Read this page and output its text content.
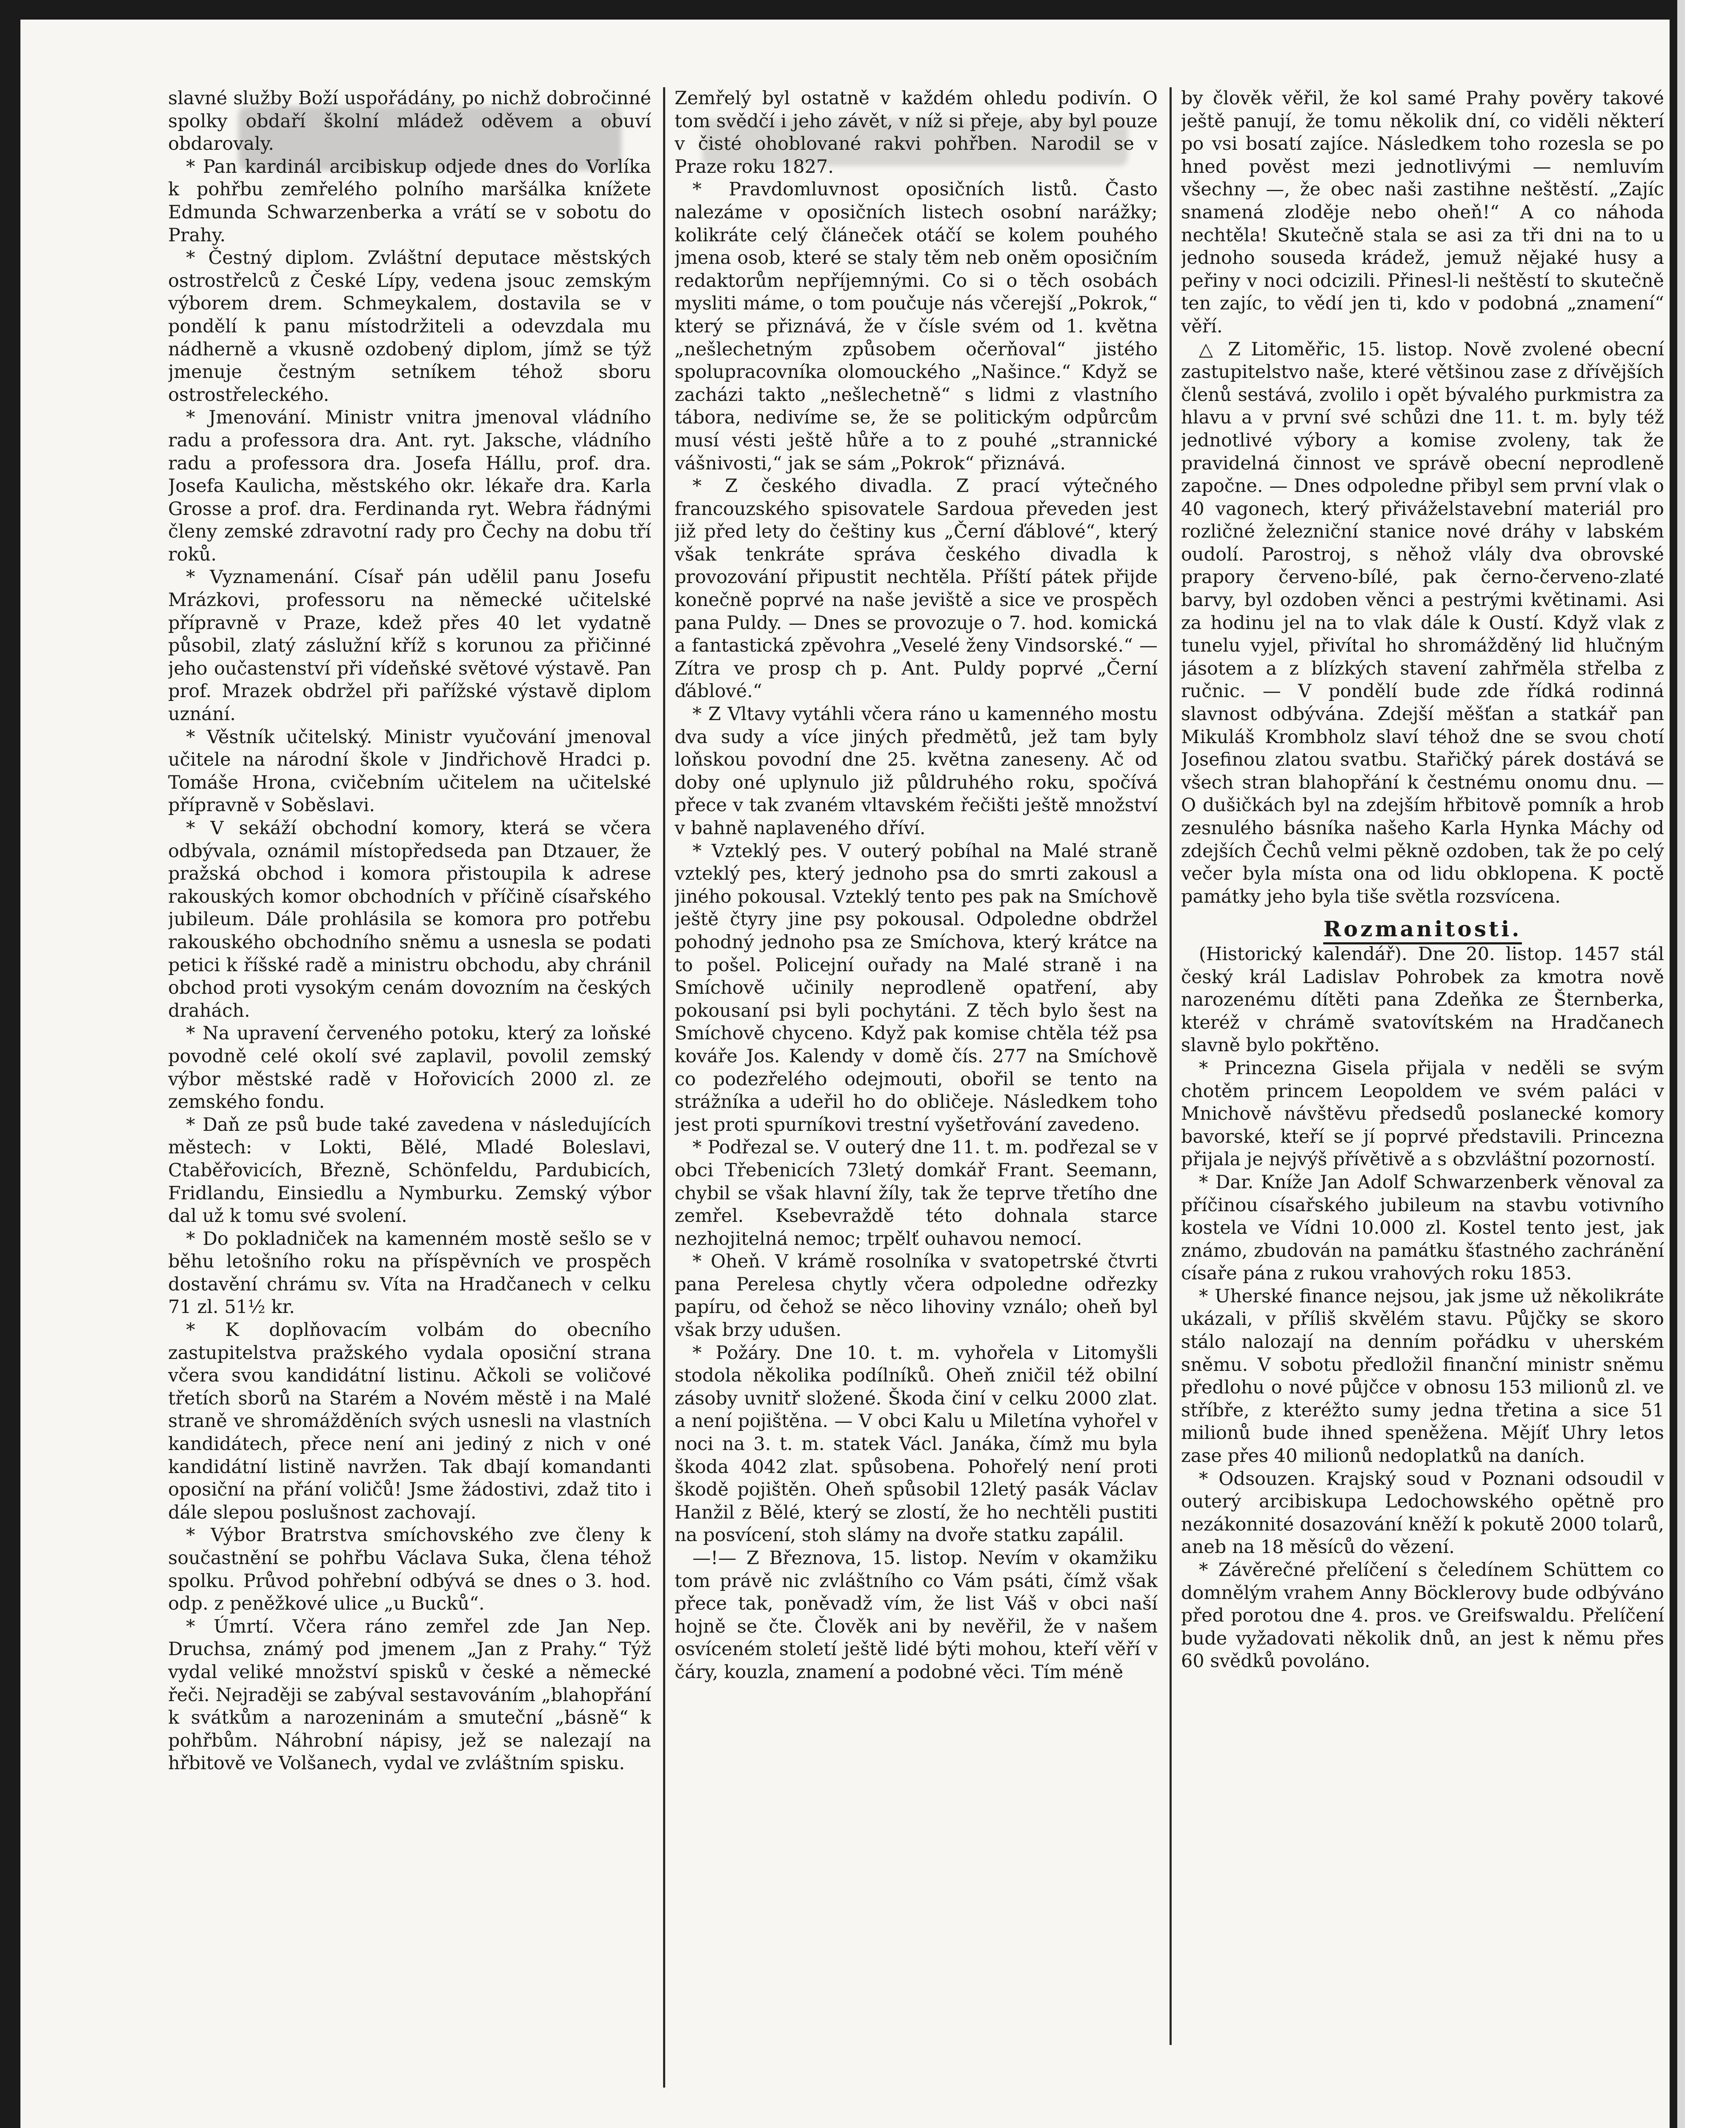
slavné služby Boží uspořádány, po nichž dobročinné spolky obdaří školní mládež oděvem a obuví obdarovaly.

* Pan kardinál arcibiskup odjede dnes do Vorlíka k pohřbu zemřelého polního maršálka knížete Edmunda Schwarzenberka a vrátí se v sobotu do Prahy.

* Čestný diplom. Zvláštní deputace městských ostrostřelců z České Lípy, vedena jsouc zemským výborem drem. Schmeykalem, dostavila se v pondělí k panu místodržiteli a odevzdala mu nádherně a vkusně ozdobený diplom, jímž se týž jmenuje čestným setníkem téhož sboru ostrostřeleckého.

* Jmenování. Ministr vnitra jmenoval vládního radu a professora dra. Ant. ryt. Jaksche, vládního radu a professora dra. Josefa Hállu, prof. dra. Josefa Kaulicha, městského okr. lékaře dra. Karla Grosse a prof. dra. Ferdinanda ryt. Webra řádnými členy zemské zdravotní rady pro Čechy na dobu tří roků.

* Vyznamenání. Císař pán udělil panu Josefu Mrázkovi, professoru na německé učitelské přípravně v Praze, kdež přes 40 let vydatně působil, zlatý záslužní kříž s korunou za přičinné jeho oučastenství při vídeňské světové výstavě. Pan prof. Mrazek obdržel při pařížské výstavě diplom uznání.

* Věstník učitelský. Ministr vyučování jmenoval učitele na národní škole v Jindřichově Hradci p. Tomáše Hrona, cvičebním učitelem na učitelské přípravně v Soběslavi.

* V sekáží obchodní komory, která se včera odbývala, oznámil místopředseda pan Dtzauer, že pražská obchod i komora přistoupila k adrese rakouských komor obchodních v příčině císařského jubileum. Dále prohlásila se komora pro potřebu rakouského obchodního sněmu a usnesla se podati petici k říšské radě a ministru obchodu, aby chránil obchod proti vysokým cenám dovozním na českých drahách.

* Na upravení červeného potoku, který za loňské povodně celé okolí své zaplavil, povolil zemský výbor městské radě v Hořovicích 2000 zl. ze zemského fondu.

* Daň ze psů bude také zavedena v následujících městech: v Lokti, Bělé, Mladé Boleslavi, Ctaběřovicích, Březně, Schönfeldu, Pardubicích, Fridlandu, Einsiedlu a Nymburku. Zemský výbor dal už k tomu své svolení.

* Do pokladniček na kamenném mostě sešlo se v běhu letošního roku na příspěvních ve prospěch dostavění chrámu sv. Víta na Hradčanech v celku 71 zl. 51½ kr.

* K doplňovacím volbám do obecního zastupitelstva pražského vydala oposiční strana včera svou kandidátní listinu. Ačkoli se voličové třetích sborů na Starém a Novém městě i na Malé straně ve shromážděních svých usnesli na vlastních kandidátech, přece není ani jediný z nich v oné kandidátní listině navržen. Tak dbají komandanti oposiční na přání voličů! Jsme žádostivi, zdaž tito i dále slepou poslušnost zachovají.

* Výbor Bratrstva smíchovského zve členy k součastnění se pohřbu Václava Suka, člena téhož spolku. Průvod pohřební odbývá se dnes o 3. hod. odp. z peněžkové ulice „u Bucků“.

* Úmrtí. Včera ráno zemřel zde Jan Nep. Druchsa, známý pod jmenem „Jan z Prahy.“ Týž vydal veliké množství spisků v české a německé řeči. Nejraději se zabýval sestavováním „blahopřání k svátkům a narozeninám a smuteční „básně“ k pohřbům. Náhrobní nápisy, jež se nalezají na hřbitově ve Volšanech, vydal ve zvláštním spisku.

Zemřelý byl ostatně v každém ohledu podivín. O tom svědčí i jeho závět, v níž si přeje, aby byl pouze v čisté ohoblované rakvi pohřben. Narodil se v Praze roku 1827.

* Pravdomluvnost oposičních listů. Často nalezáme v oposičních listech osobní narážky; kolikráte celý článeček otáčí se kolem pouhého jmena osob, které se staly těm neb oněm oposičním redaktorům nepříjemnými. Co si o těch osobách mysliti máme, o tom poučuje nás včerejší „Pokrok,“ který se přiznává, že v čísle svém od 1. května „nešlechetným způsobem očerňoval“ jistého spolupracovníka olomouckého „Našince.“ Když se zacházi takto „nešlechetně“ s lidmi z vlastního tábora, nedivíme se, že se politickým odpůrcům musí vésti ještě hůře a to z pouhé „strannické vášnivosti,“ jak se sám „Pokrok“ přiznává.

* Z českého divadla. Z prací výtečného francouzského spisovatele Sardoua převeden jest již před lety do češtiny kus „Černí ďáblové“, který však tenkráte správa českého divadla k provozování připustit nechtěla. Příští pátek přijde konečně poprvé na naše jeviště a sice ve prospěch pana Puldy. — Dnes se provozuje o 7. hod. komická a fantastická zpěvohra „Veselé ženy Vindsorské.“ — Zítra ve prosp ch p. Ant. Puldy poprvé „Černí ďáblové.“

* Z Vltavy vytáhli včera ráno u kamenného mostu dva sudy a více jiných předmětů, jež tam byly loňskou povodní dne 25. května zaneseny. Ač od doby oné uplynulo již půldruhého roku, spočívá přece v tak zvaném vltavském řečišti ještě množství v bahně naplaveného dříví.

* Vzteklý pes. V outerý pobíhal na Malé straně vzteklý pes, který jednoho psa do smrti zakousl a jiného pokousal. Vzteklý tento pes pak na Smíchově ještě čtyry jine psy pokousal. Odpoledne obdržel pohodný jednoho psa ze Smíchova, který krátce na to pošel. Policejní ouřady na Malé straně i na Smíchově učinily neprodleně opatření, aby pokousaní psi byli pochytáni. Z těch bylo šest na Smíchově chyceno. Když pak komise chtěla též psa kováře Jos. Kalendy v domě čís. 277 na Smíchově co podezřelého odejmouti, obořil se tento na strážníka a udeřil ho do obličeje. Následkem toho jest proti spurníkovi trestní vyšetřování zavedeno.

* Podřezal se. V outerý dne 11. t. m. podřezal se v obci Třebenicích 73letý domkář Frant. Seemann, chybil se však hlavní žíly, tak že teprve třetího dne zemřel. Ksebevraždě této dohnala starce nezhojitelná nemoc; trpělť ouhavou nemocí.

* Oheň. V krámě rosolníka v svatopetrské čtvrti pana Perelesa chytly včera odpoledne odřezky papíru, od čehož se něco lihoviny vználo; oheň byl však brzy udušen.

* Požáry. Dne 10. t. m. vyhořela v Litomyšli stodola několika podílníků. Oheň zničil též obilní zásoby uvnitř složené. Škoda činí v celku 2000 zlat. a není pojištěna. — V obci Kalu u Miletína vyhořel v noci na 3. t. m. statek Václ. Janáka, čímž mu byla škoda 4042 zlat. spůsobena. Pohořelý není proti škodě pojištěn. Oheň spůsobil 12letý pasák Václav Hanžil z Bělé, který se zlostí, že ho nechtěli pustiti na posvícení, stoh slámy na dvoře statku zapálil.

—!— Z Březnova, 15. listop. Nevím v okamžiku tom právě nic zvláštního co Vám psáti, čímž však přece tak, poněvadž vím, že list Váš v obci naší hojně se čte. Člověk ani by nevěřil, že v našem osvíceném století ještě lidé býti mohou, kteří věří v čáry, kouzla, znamení a podobné věci. Tím méně

by člověk věřil, že kol samé Prahy pověry takové ještě panují, že tomu několik dní, co viděli některí po vsi bosatí zajíce. Následkem toho rozesla se po hned pověst mezi jednotlivými — nemluvím všechny —, že obec naši zastihne neštěstí. „Zajíc snamená zloděje nebo oheň!“ A co náhoda nechtěla! Skutečně stala se asi za tři dni na to u jednoho souseda krádež, jemuž nějaké husy a peřiny v noci odcizili. Přinesl-li neštěstí to skutečně ten zajíc, to vědí jen ti, kdo v podobná „znamení“ věří.

△ Z Litoměřic, 15. listop. Nově zvolené obecní zastupitelstvo naše, které většinou zase z dřívějších členů sestává, zvolilo i opět bývalého purkmistra za hlavu a v první své schůzi dne 11. t. m. byly též jednotlivé výbory a komise zvoleny, tak že pravidelná činnost ve správě obecní neprodleně započne. — Dnes odpoledne přibyl sem první vlak o 40 vagonech, který přiváželstavební materiál pro rozličné železniční stanice nové dráhy v labském oudolí. Parostroj, s něhož vlály dva obrovské prapory červeno-bílé, pak černo-červeno-zlaté barvy, byl ozdoben věnci a pestrými květinami. Asi za hodinu jel na to vlak dále k Oustí. Když vlak z tunelu vyjel, přivítal ho shromážděný lid hlučným jásotem a z blízkých stavení zahřměla střelba z ručnic. — V pondělí bude zde řídká rodinná slavnost odbývána. Zdejší měšťan a statkář pan Mikuláš Krombholz slaví téhož dne se svou chotí Josefinou zlatou svatbu. Stařičký párek dostává se všech stran blahopřání k čestnému onomu dnu. — O dušičkách byl na zdejším hřbitově pomník a hrob zesnulého básníka našeho Karla Hynka Máchy od zdejších Čechů velmi pěkně ozdoben, tak že po celý večer byla místa ona od lidu obklopena. K poctě památky jeho byla tiše světla rozsvícena.

Rozmanitosti.

(Historický kalendář). Dne 20. listop. 1457 stál český král Ladislav Pohrobek za kmotra nově narozenému dítěti pana Zdeňka ze Šternberka, kteréž v chrámě svatovítském na Hradčanech slavně bylo pokřtěno.

* Princezna Gisela přijala v neděli se svým chotěm princem Leopoldem ve svém paláci v Mnichově návštěvu předsedů poslanecké komory bavorské, kteří se jí poprvé představili. Princezna přijala je nejvýš přívětivě a s obzvláštní pozorností.

* Dar. Kníže Jan Adolf Schwarzenberk věnoval za příčinou císařského jubileum na stavbu votivního kostela ve Vídni 10.000 zl. Kostel tento jest, jak známo, zbudován na památku šťastného zachránění císaře pána z rukou vrahových roku 1853.

* Uherské finance nejsou, jak jsme už několikráte ukázali, v příliš skvělém stavu. Půjčky se skoro stálo nalozají na denním pořádku v uherském sněmu. V sobotu předložil finanční ministr sněmu předlohu o nové půjčce v obnosu 153 milionů zl. ve stříbře, z kteréžto sumy jedna třetina a sice 51 milionů bude ihned speněžena. Mějíť Uhry letos zase přes 40 milionů nedoplatků na daních.

* Odsouzen. Krajský soud v Poznani odsoudil v outerý arcibiskupa Ledochowského opětně pro nezákonnité dosazování kněží k pokutě 2000 tolarů, aneb na 18 měsíců do vězení.

* Závěrečné přelíčení s čeledínem Schüttem co domnělým vrahem Anny Böcklerovy bude odbýváno před porotou dne 4. pros. ve Greifswaldu. Přelíčení bude vyžadovati několik dnů, an jest k němu přes 60 svědků povoláno.
